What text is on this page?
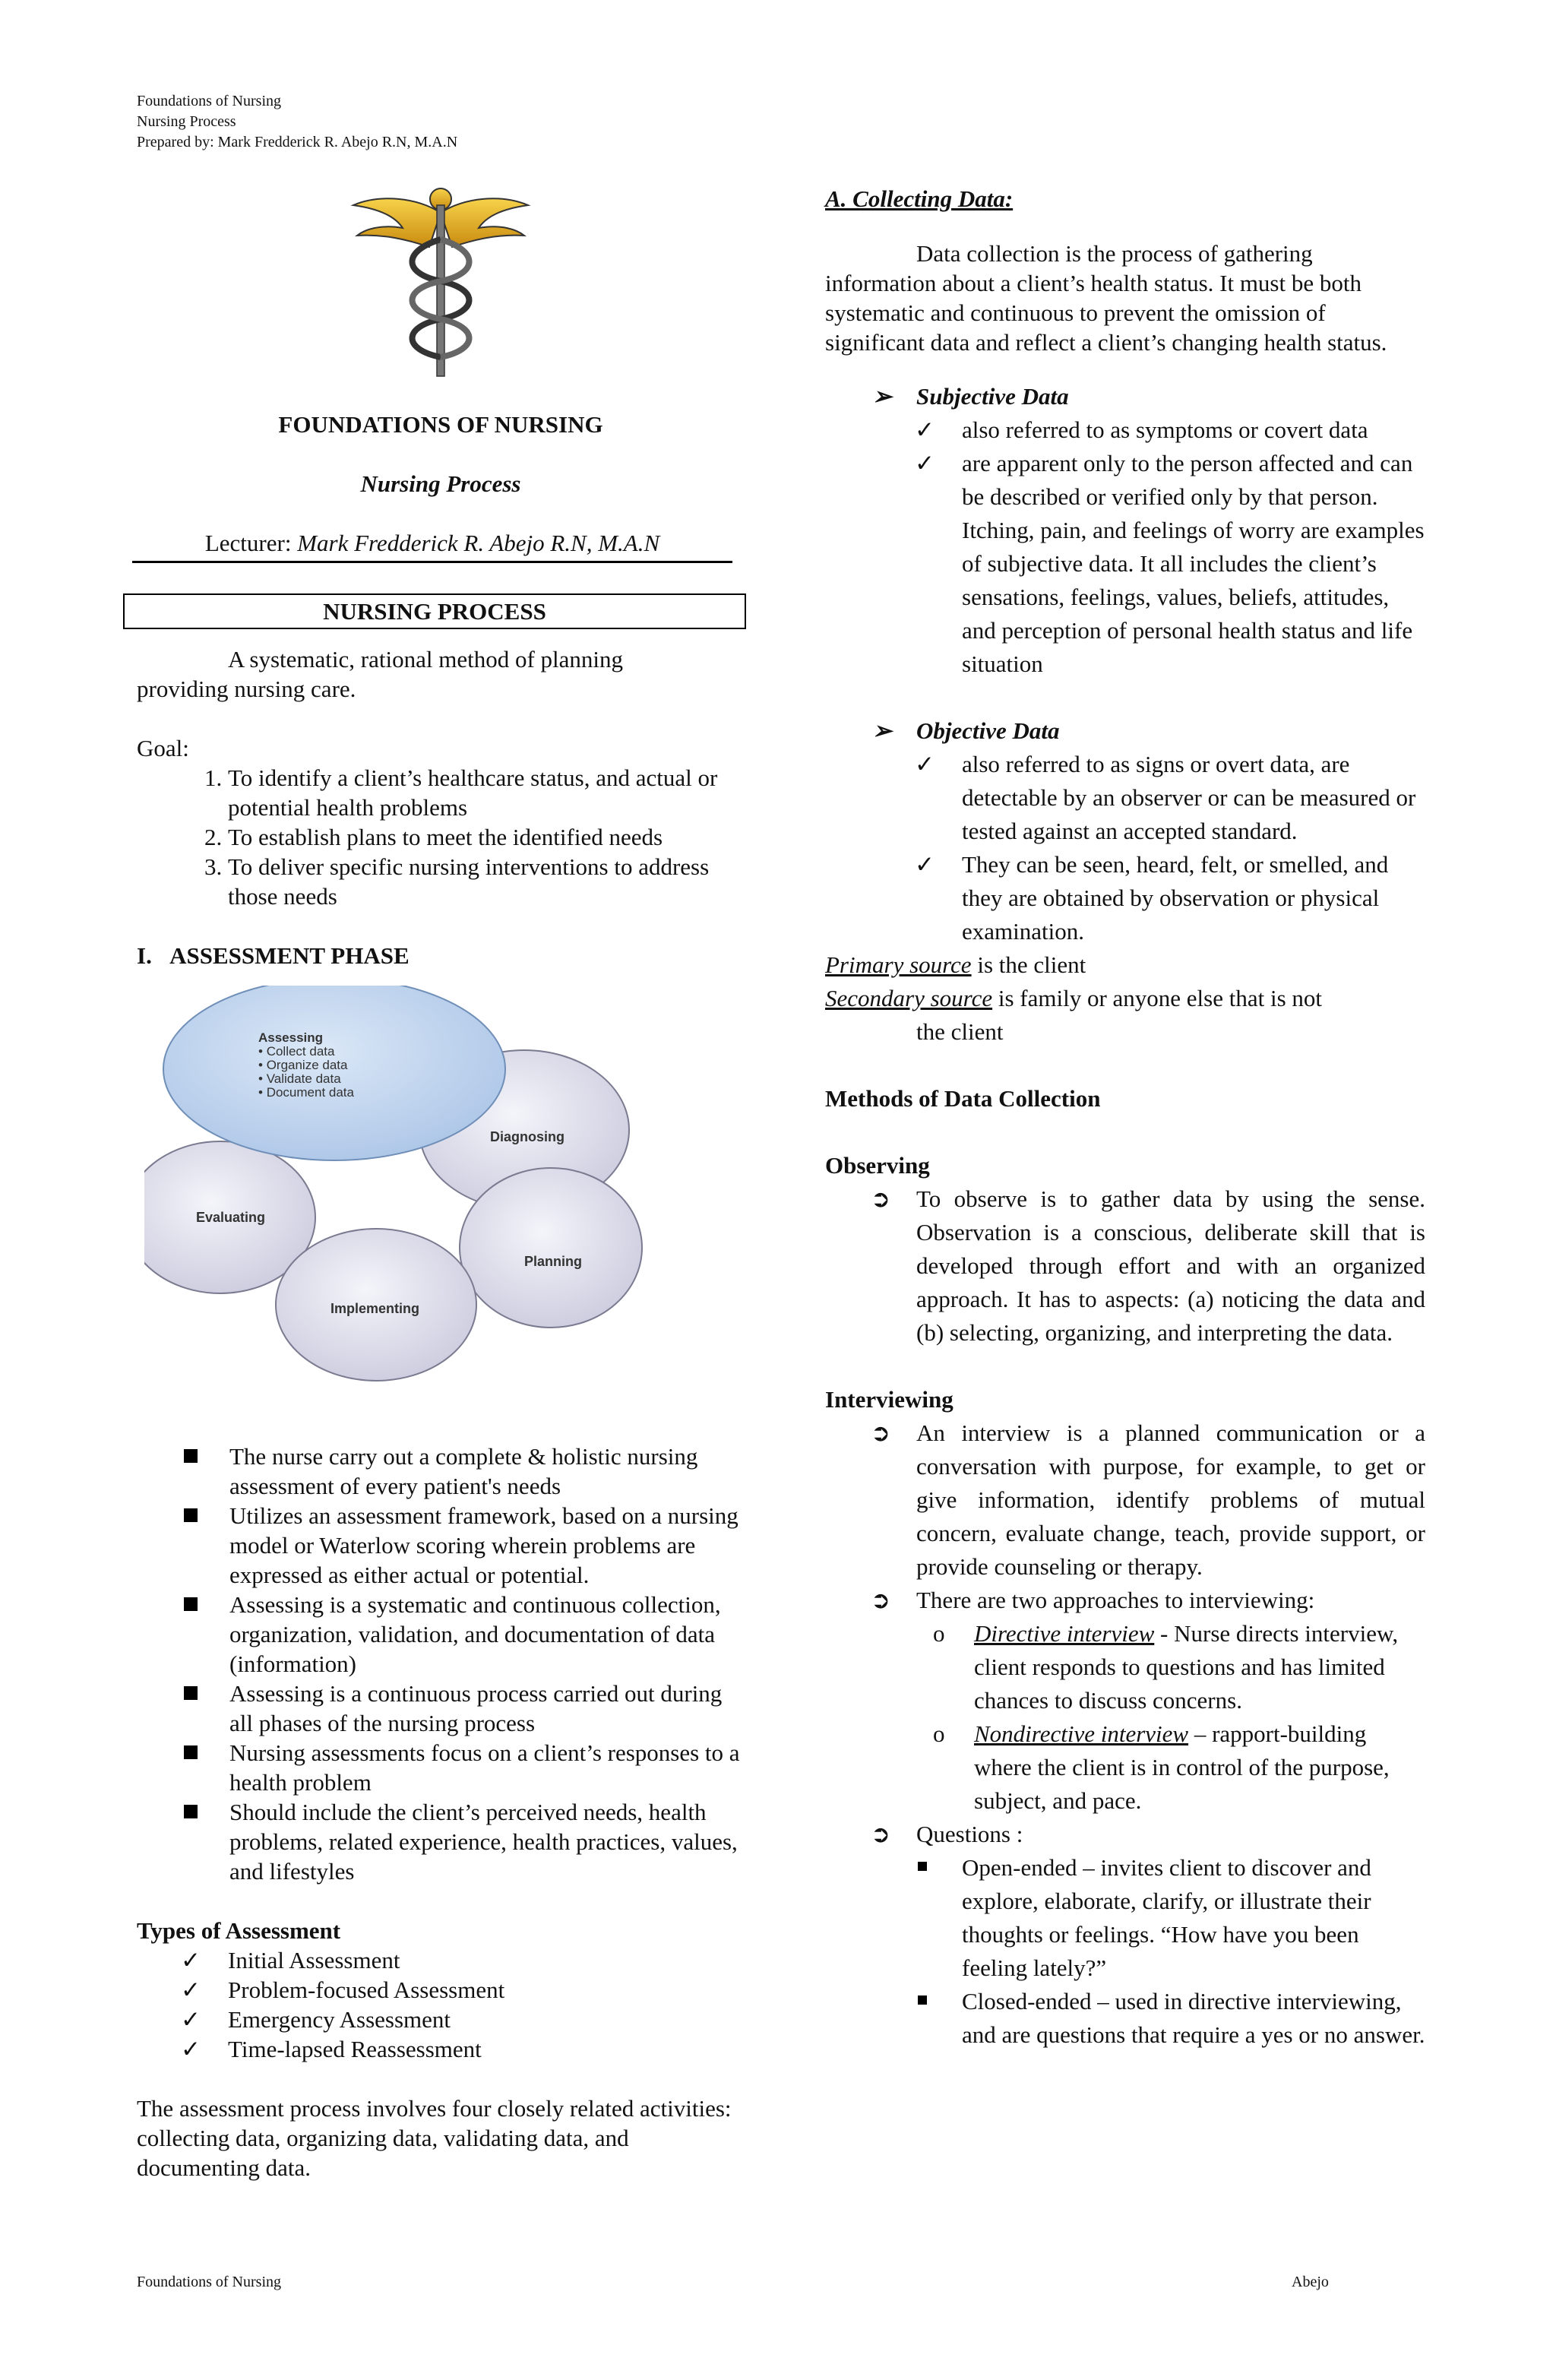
Foundations of Nursing
Nursing Process
Prepared by: Mark Fredderick R. Abejo R.N, M.A.N
FOUNDATIONS OF NURSING
Nursing Process
Lecturer: Mark Fredderick R. Abejo R.N, M.A.N
NURSING PROCESS
A systematic, rational method of planning
providing nursing care.
Goal:
1. To identify a client’s healthcare status, and actual or potential health problems
2. To establish plans to meet the identified needs
3. To deliver specific nursing interventions to address those needs
I. ASSESSMENT PHASE
Assessing
• Collect data
• Organize data
• Validate data
• Document data
Diagnosing
Evaluating
Planning
Implementing
The nurse carry out a complete & holistic nursing assessment of every patient's needs
Utilizes an assessment framework, based on a nursing model or Waterlow scoring wherein problems are expressed as either actual or potential.
Assessing is a systematic and continuous collection, organization, validation, and documentation of data (information)
Assessing is a continuous process carried out during all phases of the nursing process
Nursing assessments focus on a client’s responses to a health problem
Should include the client’s perceived needs, health problems, related experience, health practices, values, and lifestyles
Types of Assessment
✓ Initial Assessment
✓ Problem-focused Assessment
✓ Emergency Assessment
✓ Time-lapsed Reassessment
The assessment process involves four closely related activities: collecting data, organizing data, validating data, and documenting data.
A. Collecting Data:
Data collection is the process of gathering
information about a client’s health status. It must be both systematic and continuous to prevent the omission of significant data and reflect a client’s changing health status.
➢ Subjective Data
✓ also referred to as symptoms or covert data
✓ are apparent only to the person affected and can be described or verified only by that person. Itching, pain, and feelings of worry are examples of subjective data. It all includes the client’s sensations, feelings, values, beliefs, attitudes, and perception of personal health status and life situation
➢ Objective Data
✓ also referred to as signs or overt data, are detectable by an observer or can be measured or tested against an accepted standard.
✓ They can be seen, heard, felt, or smelled, and they are obtained by observation or physical examination.
Primary source is the client
Secondary source is family or anyone else that is not
the client
Methods of Data Collection
Observing
➲ To observe is to gather data by using the sense. Observation is a conscious, deliberate skill that is developed through effort and with an organized approach. It has to aspects: (a) noticing the data and (b) selecting, organizing, and interpreting the data.
Interviewing
➲ An interview is a planned communication or a conversation with purpose, for example, to get or give information, identify problems of mutual concern, evaluate change, teach, provide support, or provide counseling or therapy.
➲ There are two approaches to interviewing:
o Directive interview - Nurse directs interview, client responds to questions and has limited chances to discuss concerns.
o Nondirective interview – rapport-building where the client is in control of the purpose, subject, and pace.
➲ Questions :
Open-ended – invites client to discover and explore, elaborate, clarify, or illustrate their thoughts or feelings. “How have you been feeling lately?”
Closed-ended – used in directive interviewing, and are questions that require a yes or no answer.
Foundations of Nursing	Abejo
